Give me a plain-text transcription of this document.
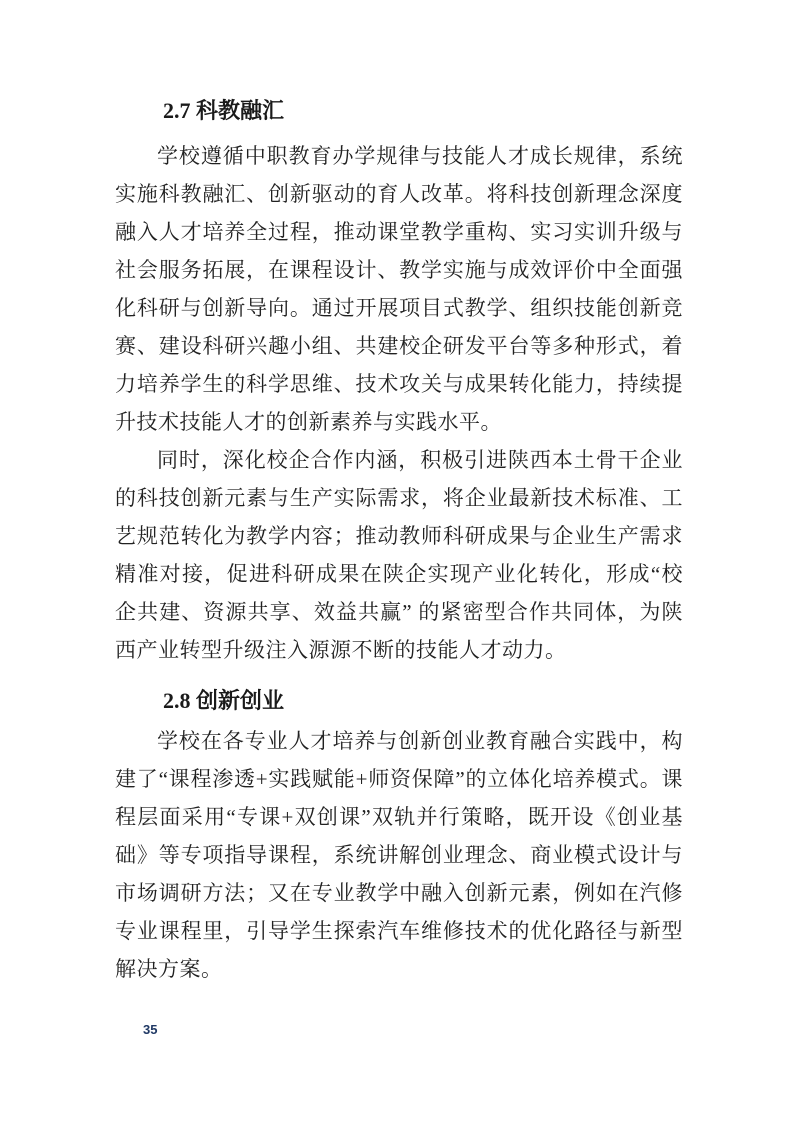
2.7 科教融汇

学校遵循中职教育办学规律与技能人才成长规律，系统实施科教融汇、创新驱动的育人改革。将科技创新理念深度融入人才培养全过程，推动课堂教学重构、实习实训升级与社会服务拓展，在课程设计、教学实施与成效评价中全面强化科研与创新导向。通过开展项目式教学、组织技能创新竞赛、建设科研兴趣小组、共建校企研发平台等多种形式，着力培养学生的科学思维、技术攻关与成果转化能力，持续提升技术技能人才的创新素养与实践水平。

同时，深化校企合作内涵，积极引进陕西本土骨干企业的科技创新元素与生产实际需求，将企业最新技术标准、工艺规范转化为教学内容；推动教师科研成果与企业生产需求精准对接，促进科研成果在陕企实现产业化转化，形成“校企共建、资源共享、效益共赢” 的紧密型合作共同体，为陕西产业转型升级注入源源不断的技能人才动力。

2.8 创新创业

学校在各专业人才培养与创新创业教育融合实践中，构建了“课程渗透+实践赋能+师资保障”的立体化培养模式。课程层面采用“专课+双创课”双轨并行策略，既开设《创业基础》等专项指导课程，系统讲解创业理念、商业模式设计与市场调研方法；又在专业教学中融入创新元素，例如在汽修专业课程里，引导学生探索汽车维修技术的优化路径与新型解决方案。

35
